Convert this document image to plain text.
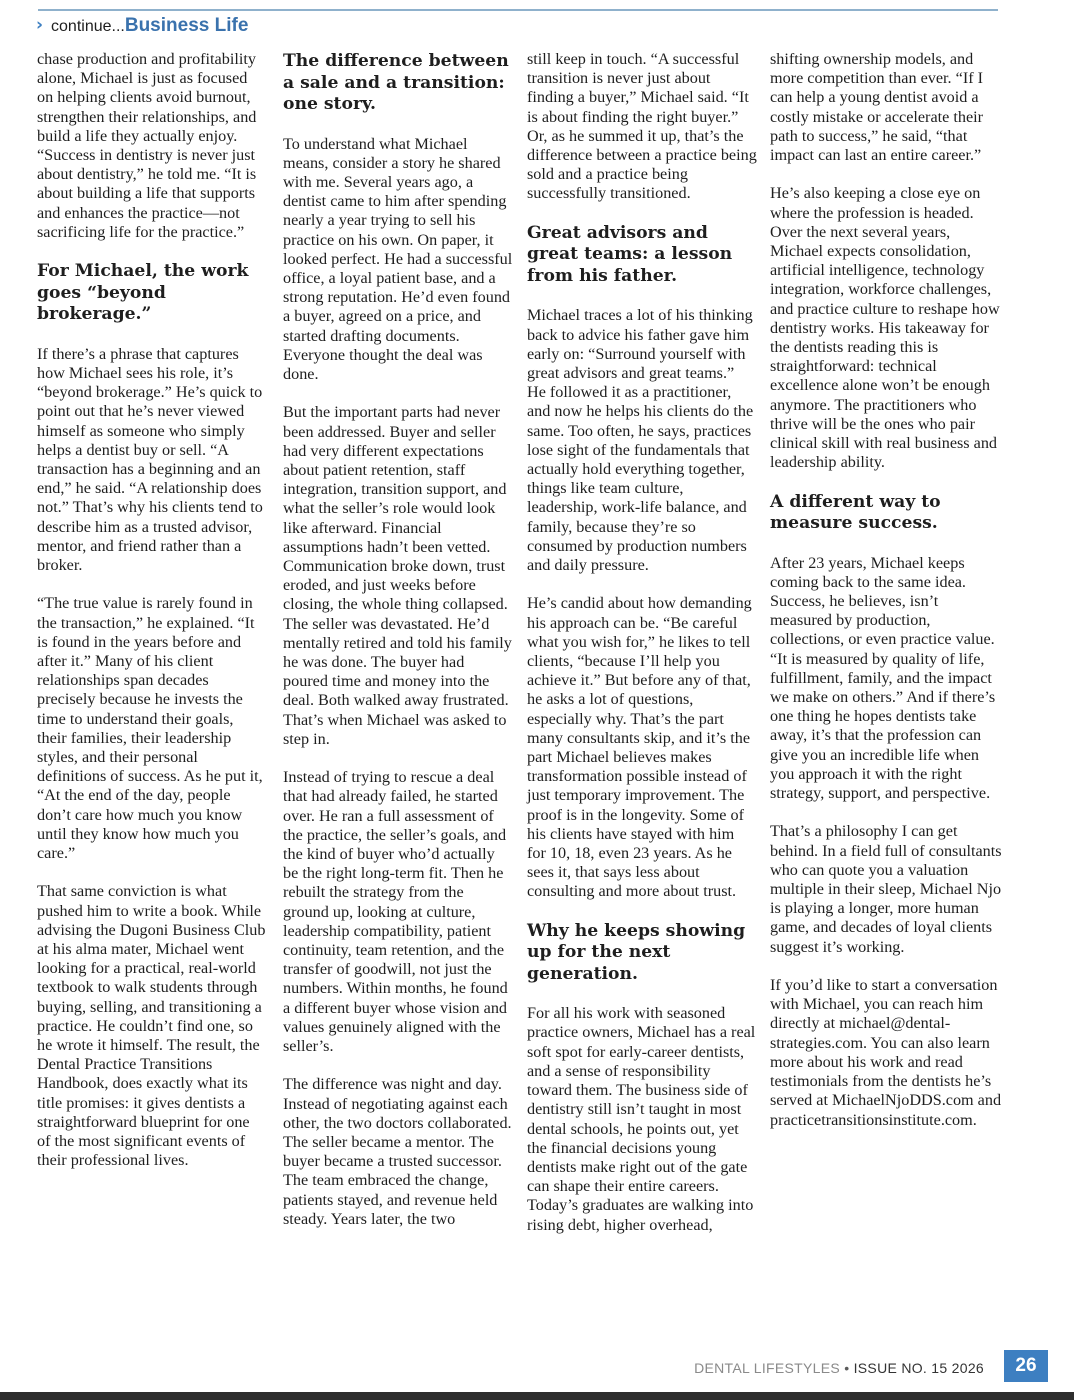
› continue... Business Life

chase production and profitability alone, Michael is just as focused on helping clients avoid burnout, strengthen their relationships, and build a life they actually enjoy. “Success in dentistry is never just about dentistry,” he told me. “It is about building a life that supports and enhances the practice—not sacrificing life for the practice.”

For Michael, the work goes “beyond brokerage.”

If there’s a phrase that captures how Michael sees his role, it’s “beyond brokerage.” He’s quick to point out that he’s never viewed himself as someone who simply helps a dentist buy or sell. “A transaction has a beginning and an end,” he said. “A relationship does not.” That’s why his clients tend to describe him as a trusted advisor, mentor, and friend rather than a broker.

“The true value is rarely found in the transaction,” he explained. “It is found in the years before and after it.” Many of his client relationships span decades precisely because he invests the time to understand their goals, their families, their leadership styles, and their personal definitions of success. As he put it, “At the end of the day, people don’t care how much you know until they know how much you care.”

That same conviction is what pushed him to write a book. While advising the Dugoni Business Club at his alma mater, Michael went looking for a practical, real-world textbook to walk students through buying, selling, and transitioning a practice. He couldn’t find one, so he wrote it himself. The result, the Dental Practice Transitions Handbook, does exactly what its title promises: it gives dentists a straightforward blueprint for one of the most significant events of their professional lives.

The difference between a sale and a transition: one story.

To understand what Michael means, consider a story he shared with me. Several years ago, a dentist came to him after spending nearly a year trying to sell his practice on his own. On paper, it looked perfect. He had a successful office, a loyal patient base, and a strong reputation. He’d even found a buyer, agreed on a price, and started drafting documents. Everyone thought the deal was done.

But the important parts had never been addressed. Buyer and seller had very different expectations about patient retention, staff integration, transition support, and what the seller’s role would look like afterward. Financial assumptions hadn’t been vetted. Communication broke down, trust eroded, and just weeks before closing, the whole thing collapsed. The seller was devastated. He’d mentally retired and told his family he was done. The buyer had poured time and money into the deal. Both walked away frustrated. That’s when Michael was asked to step in.

Instead of trying to rescue a deal that had already failed, he started over. He ran a full assessment of the practice, the seller’s goals, and the kind of buyer who’d actually be the right long-term fit. Then he rebuilt the strategy from the ground up, looking at culture, leadership compatibility, patient continuity, team retention, and the transfer of goodwill, not just the numbers. Within months, he found a different buyer whose vision and values genuinely aligned with the seller’s.

The difference was night and day. Instead of negotiating against each other, the two doctors collaborated. The seller became a mentor. The buyer became a trusted successor. The team embraced the change, patients stayed, and revenue held steady. Years later, the two

still keep in touch. “A successful transition is never just about finding a buyer,” Michael said. “It is about finding the right buyer.” Or, as he summed it up, that’s the difference between a practice being sold and a practice being successfully transitioned.

Great advisors and great teams: a lesson from his father.

Michael traces a lot of his thinking back to advice his father gave him early on: “Surround yourself with great advisors and great teams.” He followed it as a practitioner, and now he helps his clients do the same. Too often, he says, practices lose sight of the fundamentals that actually hold everything together, things like team culture, leadership, work-life balance, and family, because they’re so consumed by production numbers and daily pressure.

He’s candid about how demanding his approach can be. “Be careful what you wish for,” he likes to tell clients, “because I’ll help you achieve it.” But before any of that, he asks a lot of questions, especially why. That’s the part many consultants skip, and it’s the part Michael believes makes transformation possible instead of just temporary improvement. The proof is in the longevity. Some of his clients have stayed with him for 10, 18, even 23 years. As he sees it, that says less about consulting and more about trust.

Why he keeps showing up for the next generation.

For all his work with seasoned practice owners, Michael has a real soft spot for early-career dentists, and a sense of responsibility toward them. The business side of dentistry still isn’t taught in most dental schools, he points out, yet the financial decisions young dentists make right out of the gate can shape their entire careers. Today’s graduates are walking into rising debt, higher overhead,

shifting ownership models, and more competition than ever. “If I can help a young dentist avoid a costly mistake or accelerate their path to success,” he said, “that impact can last an entire career.”

He’s also keeping a close eye on where the profession is headed. Over the next several years, Michael expects consolidation, artificial intelligence, technology integration, workforce challenges, and practice culture to reshape how dentistry works. His takeaway for the dentists reading this is straightforward: technical excellence alone won’t be enough anymore. The practitioners who thrive will be the ones who pair clinical skill with real business and leadership ability.

A different way to measure success.

After 23 years, Michael keeps coming back to the same idea. Success, he believes, isn’t measured by production, collections, or even practice value. “It is measured by quality of life, fulfillment, family, and the impact we make on others.” And if there’s one thing he hopes dentists take away, it’s that the profession can give you an incredible life when you approach it with the right strategy, support, and perspective.

That’s a philosophy I can get behind. In a field full of consultants who can quote you a valuation multiple in their sleep, Michael Njo is playing a longer, more human game, and decades of loyal clients suggest it’s working.

If you’d like to start a conversation with Michael, you can reach him directly at michael@dental-strategies.com. You can also learn more about his work and read testimonials from the dentists he’s served at MichaelNjoDDS.com and practicetransitionsinstitute.com.

DENTAL LIFESTYLES • ISSUE NO. 15 2026	26
